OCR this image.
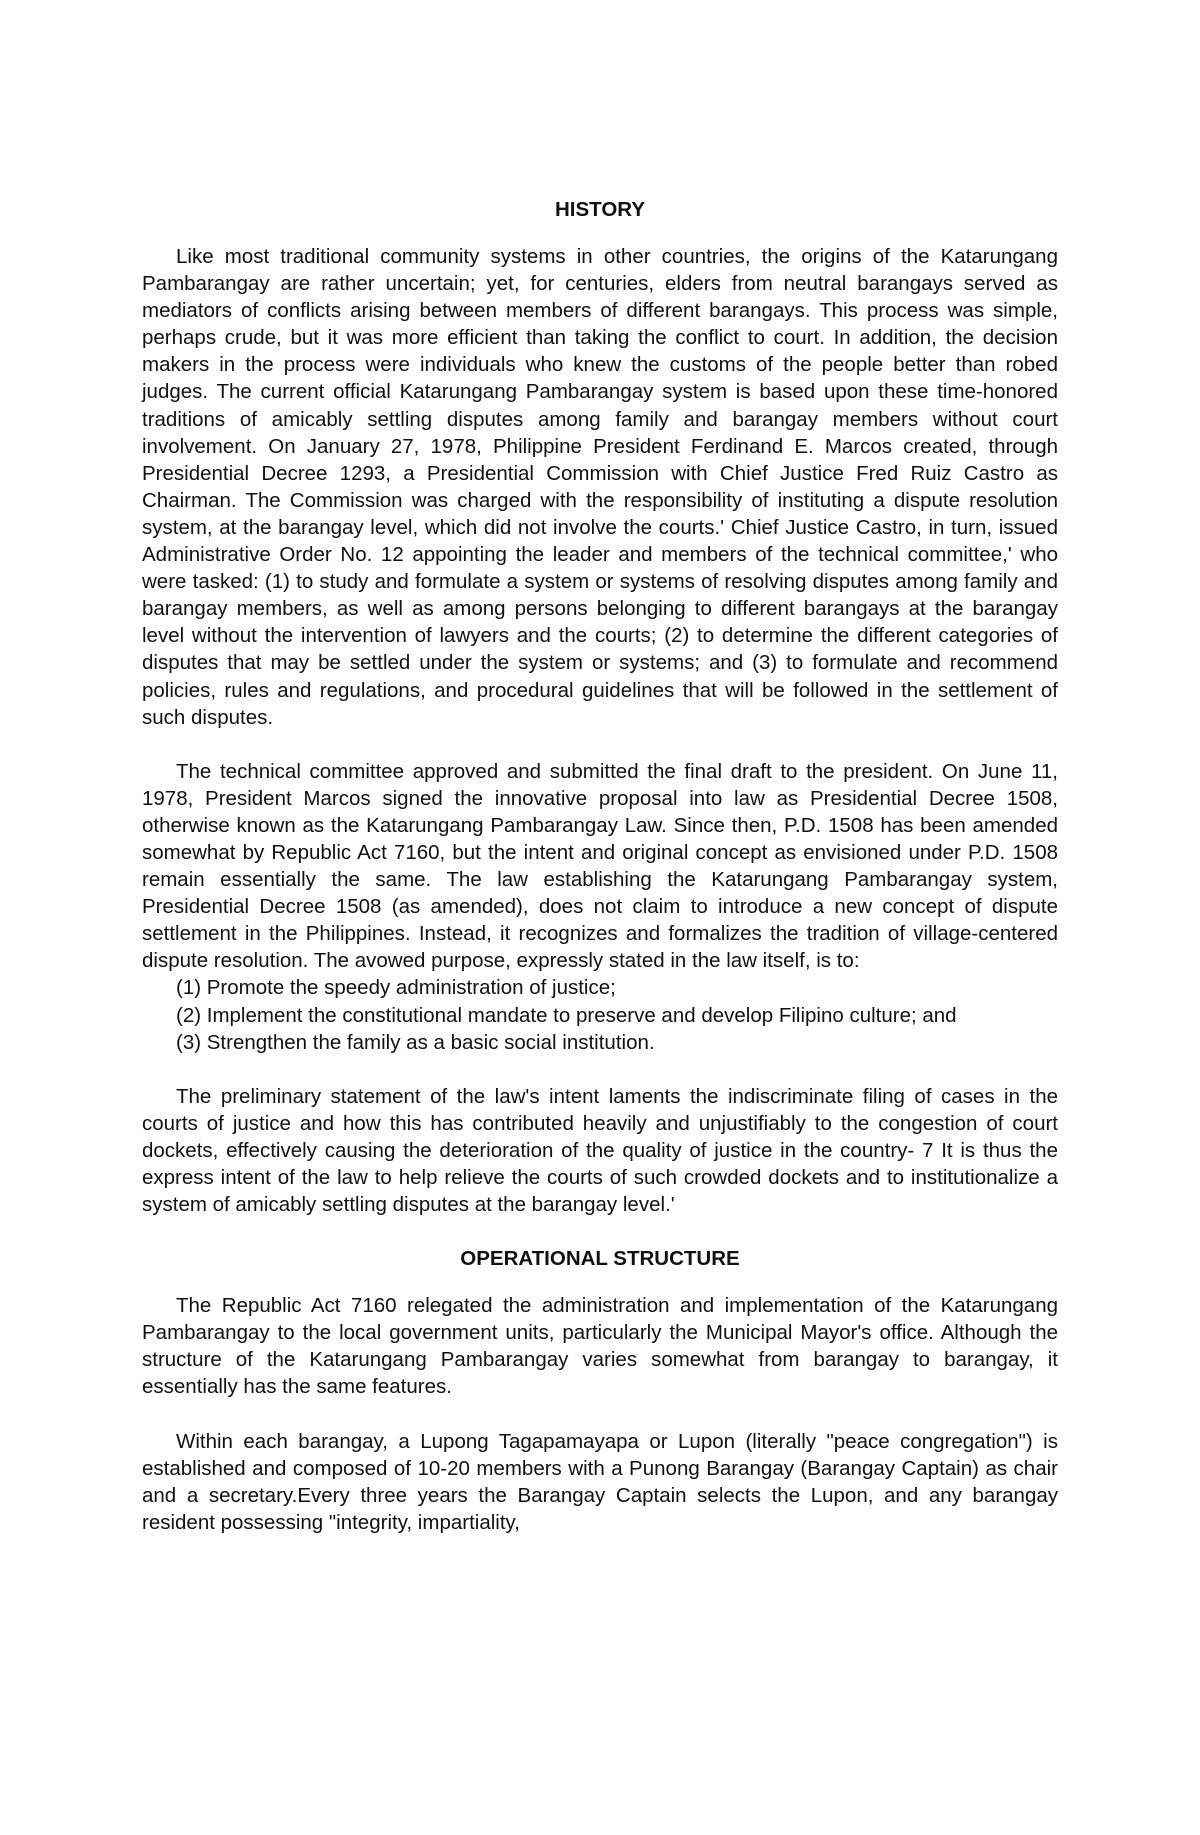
HISTORY

Like most traditional community systems in other countries, the origins of the Katarungang Pambarangay are rather uncertain; yet, for centuries, elders from neutral barangays served as mediators of conflicts arising between members of different barangays. This process was simple, perhaps crude, but it was more efficient than taking the conflict to court. In addition, the decision makers in the process were individuals who knew the customs of the people better than robed judges. The current official Katarungang Pambarangay system is based upon these time-honored traditions of amicably settling disputes among family and barangay members without court involvement. On January 27, 1978, Philippine President Ferdinand E. Marcos created, through Presidential Decree 1293, a Presidential Commission with Chief Justice Fred Ruiz Castro as Chairman. The Commission was charged with the responsibility of instituting a dispute resolution system, at the barangay level, which did not involve the courts.' Chief Justice Castro, in turn, issued Administrative Order No. 12 appointing the leader and members of the technical committee,' who were tasked: (1) to study and formulate a system or systems of resolving disputes among family and barangay members, as well as among persons belonging to different barangays at the barangay level without the intervention of lawyers and the courts; (2) to determine the different categories of disputes that may be settled under the system or systems; and (3) to formulate and recommend policies, rules and regulations, and procedural guidelines that will be followed in the settlement of such disputes.

The technical committee approved and submitted the final draft to the president. On June 11, 1978, President Marcos signed the innovative proposal into law as Presidential Decree 1508, otherwise known as the Katarungang Pambarangay Law. Since then, P.D. 1508 has been amended somewhat by Republic Act 7160, but the intent and original concept as envisioned under P.D. 1508 remain essentially the same. The law establishing the Katarungang Pambarangay system, Presidential Decree 1508 (as amended), does not claim to introduce a new concept of dispute settlement in the Philippines. Instead, it recognizes and formalizes the tradition of village-centered dispute resolution. The avowed purpose, expressly stated in the law itself, is to:

(1) Promote the speedy administration of justice;
(2) Implement the constitutional mandate to preserve and develop Filipino culture; and
(3) Strengthen the family as a basic social institution.

The preliminary statement of the law's intent laments the indiscriminate filing of cases in the courts of justice and how this has contributed heavily and unjustifiably to the congestion of court dockets, effectively causing the deterioration of the quality of justice in the country- 7 It is thus the express intent of the law to help relieve the courts of such crowded dockets and to institutionalize a system of amicably settling disputes at the barangay level.'

OPERATIONAL STRUCTURE

The Republic Act 7160 relegated the administration and implementation of the Katarungang Pambarangay to the local government units, particularly the Municipal Mayor's office. Although the structure of the Katarungang Pambarangay varies somewhat from barangay to barangay, it essentially has the same features.

Within each barangay, a Lupong Tagapamayapa or Lupon (literally "peace congregation") is established and composed of 10-20 members with a Punong Barangay (Barangay Captain) as chair and a secretary.Every three years the Barangay Captain selects the Lupon, and any barangay resident possessing "integrity, impartiality,
